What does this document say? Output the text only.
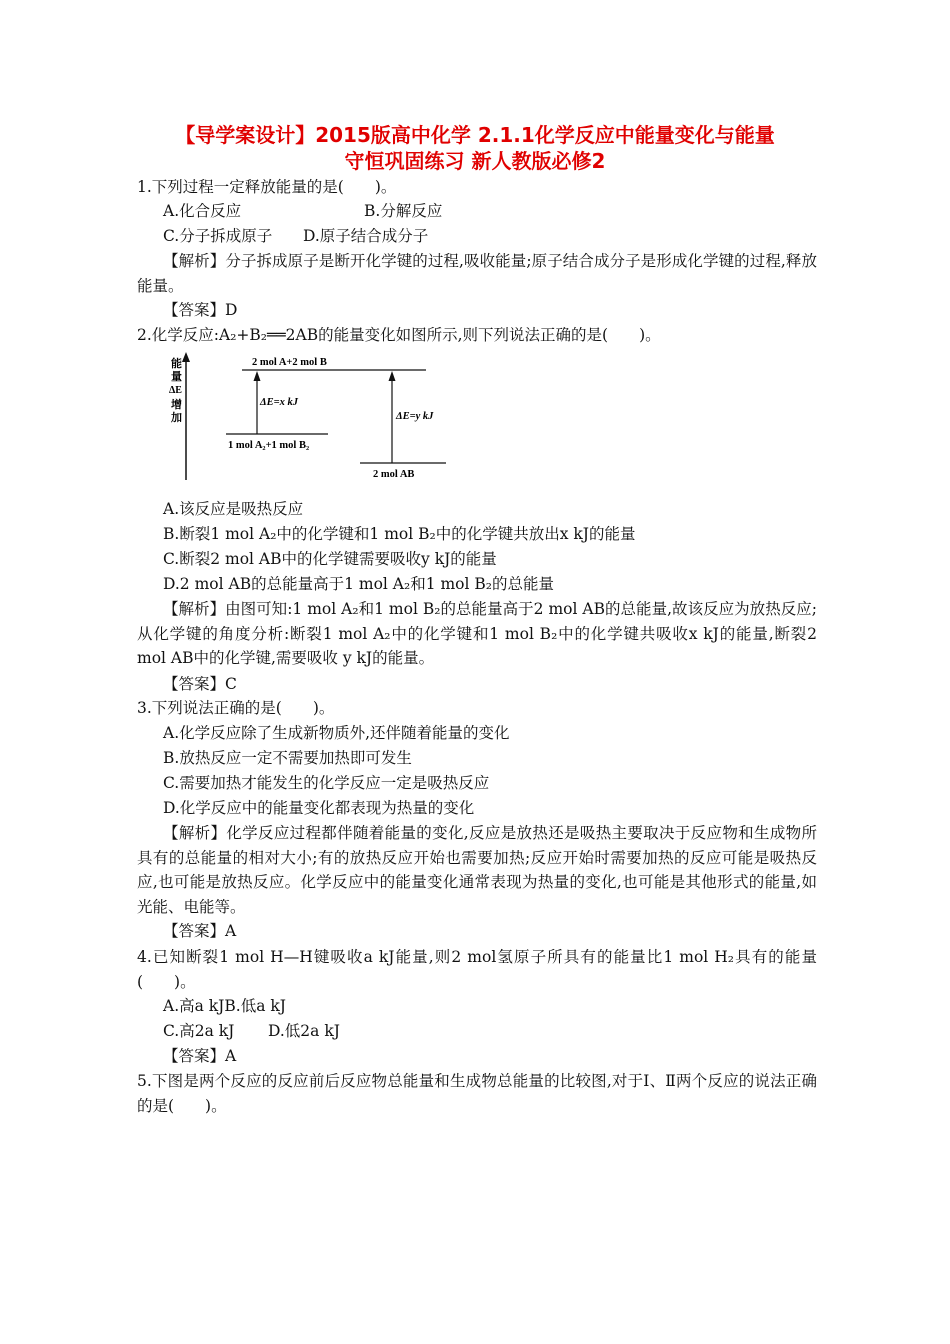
【导学案设计】2015版高中化学 2.1.1化学反应中能量变化与能量
守恒巩固练习 新人教版必修2
1.下列过程一定释放能量的是(　　)。
A.化合反应	B.分解反应
C.分子拆成原子 D.原子结合成分子
【解析】分子拆成原子是断开化学键的过程,吸收能量;原子结合成分子是形成化学键的过程,释放能量。
【答案】D
2.化学反应:A₂+B₂══2AB的能量变化如图所示,则下列说法正确的是(　　)。
能
量
ΔE
增
加
2 mol A+2 mol B
ΔE=x kJ
1 mol A₂+1 mol B₂
ΔE=y kJ
2 mol AB
A.该反应是吸热反应
B.断裂1 mol A₂中的化学键和1 mol B₂中的化学键共放出x kJ的能量
C.断裂2 mol AB中的化学键需要吸收y kJ的能量
D.2 mol AB的总能量高于1 mol A₂和1 mol B₂的总能量
【解析】由图可知:1 mol A₂和1 mol B₂的总能量高于2 mol AB的总能量,故该反应为放热反应;从化学键的角度分析:断裂1 mol A₂中的化学键和1 mol B₂中的化学键共吸收x kJ的能量,断裂2 mol AB中的化学键,需要吸收 y kJ的能量。
【答案】C
3.下列说法正确的是(　　)。
A.化学反应除了生成新物质外,还伴随着能量的变化
B.放热反应一定不需要加热即可发生
C.需要加热才能发生的化学反应一定是吸热反应
D.化学反应中的能量变化都表现为热量的变化
【解析】化学反应过程都伴随着能量的变化,反应是放热还是吸热主要取决于反应物和生成物所具有的总能量的相对大小;有的放热反应开始也需要加热;反应开始时需要加热的反应可能是吸热反应,也可能是放热反应。化学反应中的能量变化通常表现为热量的变化,也可能是其他形式的能量,如光能、电能等。
【答案】A
4.已知断裂1 mol H—H键吸收a kJ能量,则2 mol氢原子所具有的能量比1 mol H₂具有的能量(　　)。
A.高a kJB.低a kJ
C.高2a kJ D.低2a kJ
【答案】A
5.下图是两个反应的反应前后反应物总能量和生成物总能量的比较图,对于Ⅰ、Ⅱ两个反应的说法正确的是(　　)。
